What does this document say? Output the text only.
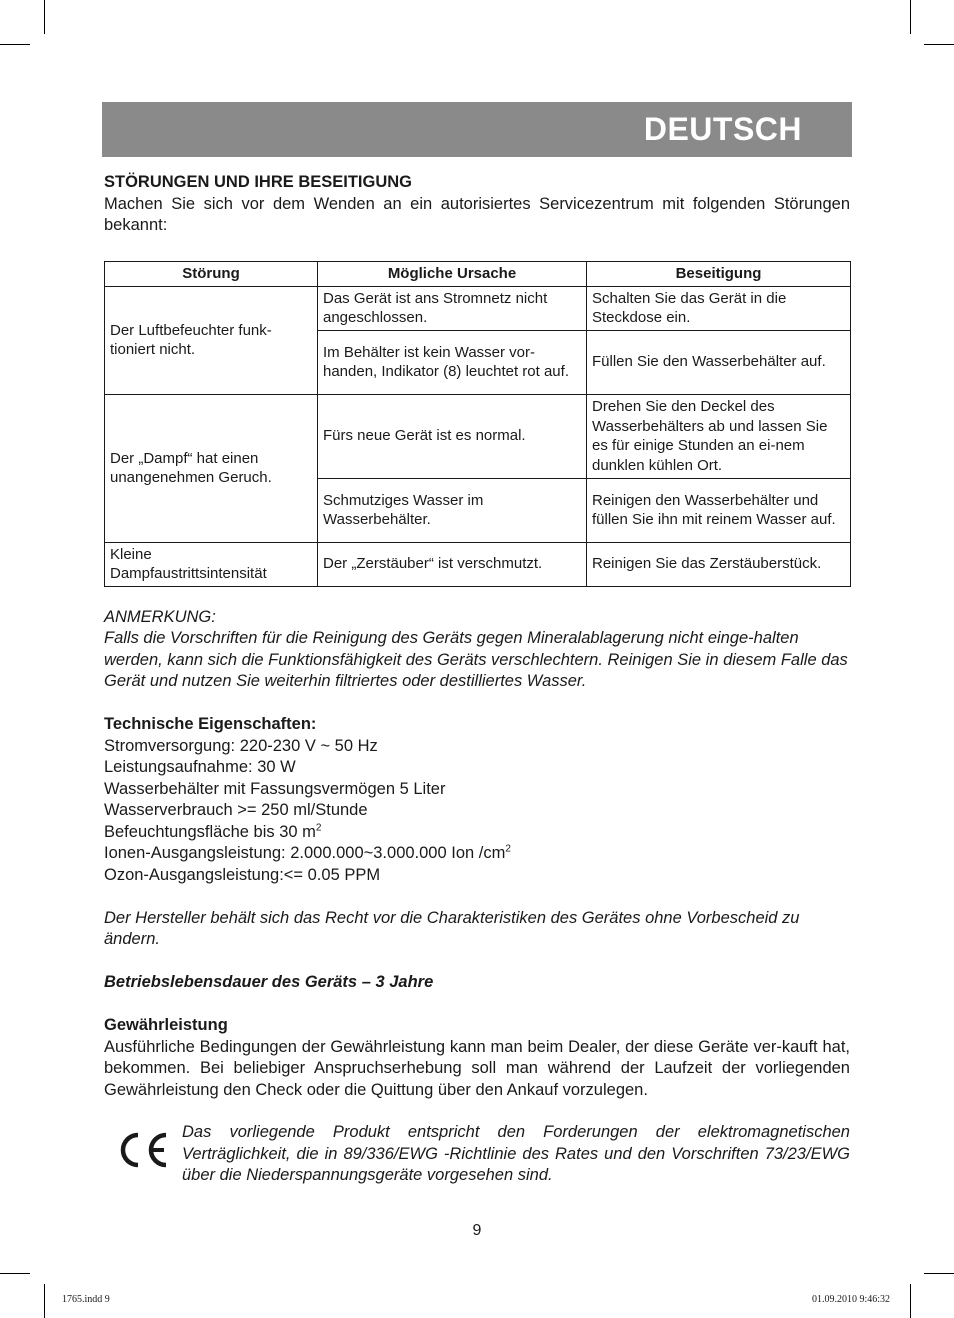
DEUTSCH

STÖRUNGEN UND IHRE BESEITIGUNG

Machen Sie sich vor dem Wenden an ein autorisiertes Servicezentrum mit folgenden Störungen bekannt:

Störung	Mögliche Ursache	Beseitigung
Der Luftbefeuchter funk-tioniert nicht.	Das Gerät ist ans Stromnetz nicht angeschlossen.	Schalten Sie das Gerät in die Steckdose ein.
	Im Behälter ist kein Wasser vor-handen, Indikator (8) leuchtet rot auf.	Füllen Sie den Wasserbehälter auf.
Der „Dampf“ hat einen unangenehmen Geruch.	Fürs neue Gerät ist es normal.	Drehen Sie den Deckel des Wasserbehälters ab und lassen Sie es für einige Stunden an ei-nem dunklen kühlen Ort.
	Schmutziges Wasser im Wasserbehälter.	Reinigen den Wasserbehälter und füllen Sie ihn mit reinem Wasser auf.
Kleine Dampfaustrittsintensität	Der „Zerstäuber“ ist verschmutzt.	Reinigen Sie das Zerstäuberstück.

ANMERKUNG:

Falls die Vorschriften für die Reinigung des Geräts gegen Mineralablagerung nicht einge-halten werden, kann sich die Funktionsfähigkeit des Geräts verschlechtern. Reinigen Sie in diesem Falle das Gerät und nutzen Sie weiterhin filtriertes oder destilliertes Wasser.

Technische Eigenschaften:

Stromversorgung: 220-230 V ~ 50 Hz
Leistungsaufnahme: 30 W
Wasserbehälter mit Fassungsvermögen 5 Liter
Wasserverbrauch >= 250 ml/Stunde
Befeuchtungsfläche bis 30 $m^2$
Ionen-Ausgangsleistung: 2.000.000~3.000.000 Ion $/cm^2$
Ozon-Ausgangsleistung:<= 0.05 PPM

Der Hersteller behält sich das Recht vor die Charakteristiken des Gerätes ohne Vorbescheid zu ändern.

Betriebslebensdauer des Geräts – 3 Jahre

Gewährleistung

Ausführliche Bedingungen der Gewährleistung kann man beim Dealer, der diese Geräte ver-kauft hat, bekommen. Bei beliebiger Anspruchserhebung soll man während der Laufzeit der vorliegenden Gewährleistung den Check oder die Quittung über den Ankauf vorzulegen.

Das vorliegende Produkt entspricht den Forderungen der elektromagnetischen Verträglichkeit, die in 89/336/EWG -Richtlinie des Rates und den Vorschriften 73/23/EWG über die Niederspannungsgeräte vorgesehen sind.

9
1765.indd 9	01.09.2010 9:46:32
